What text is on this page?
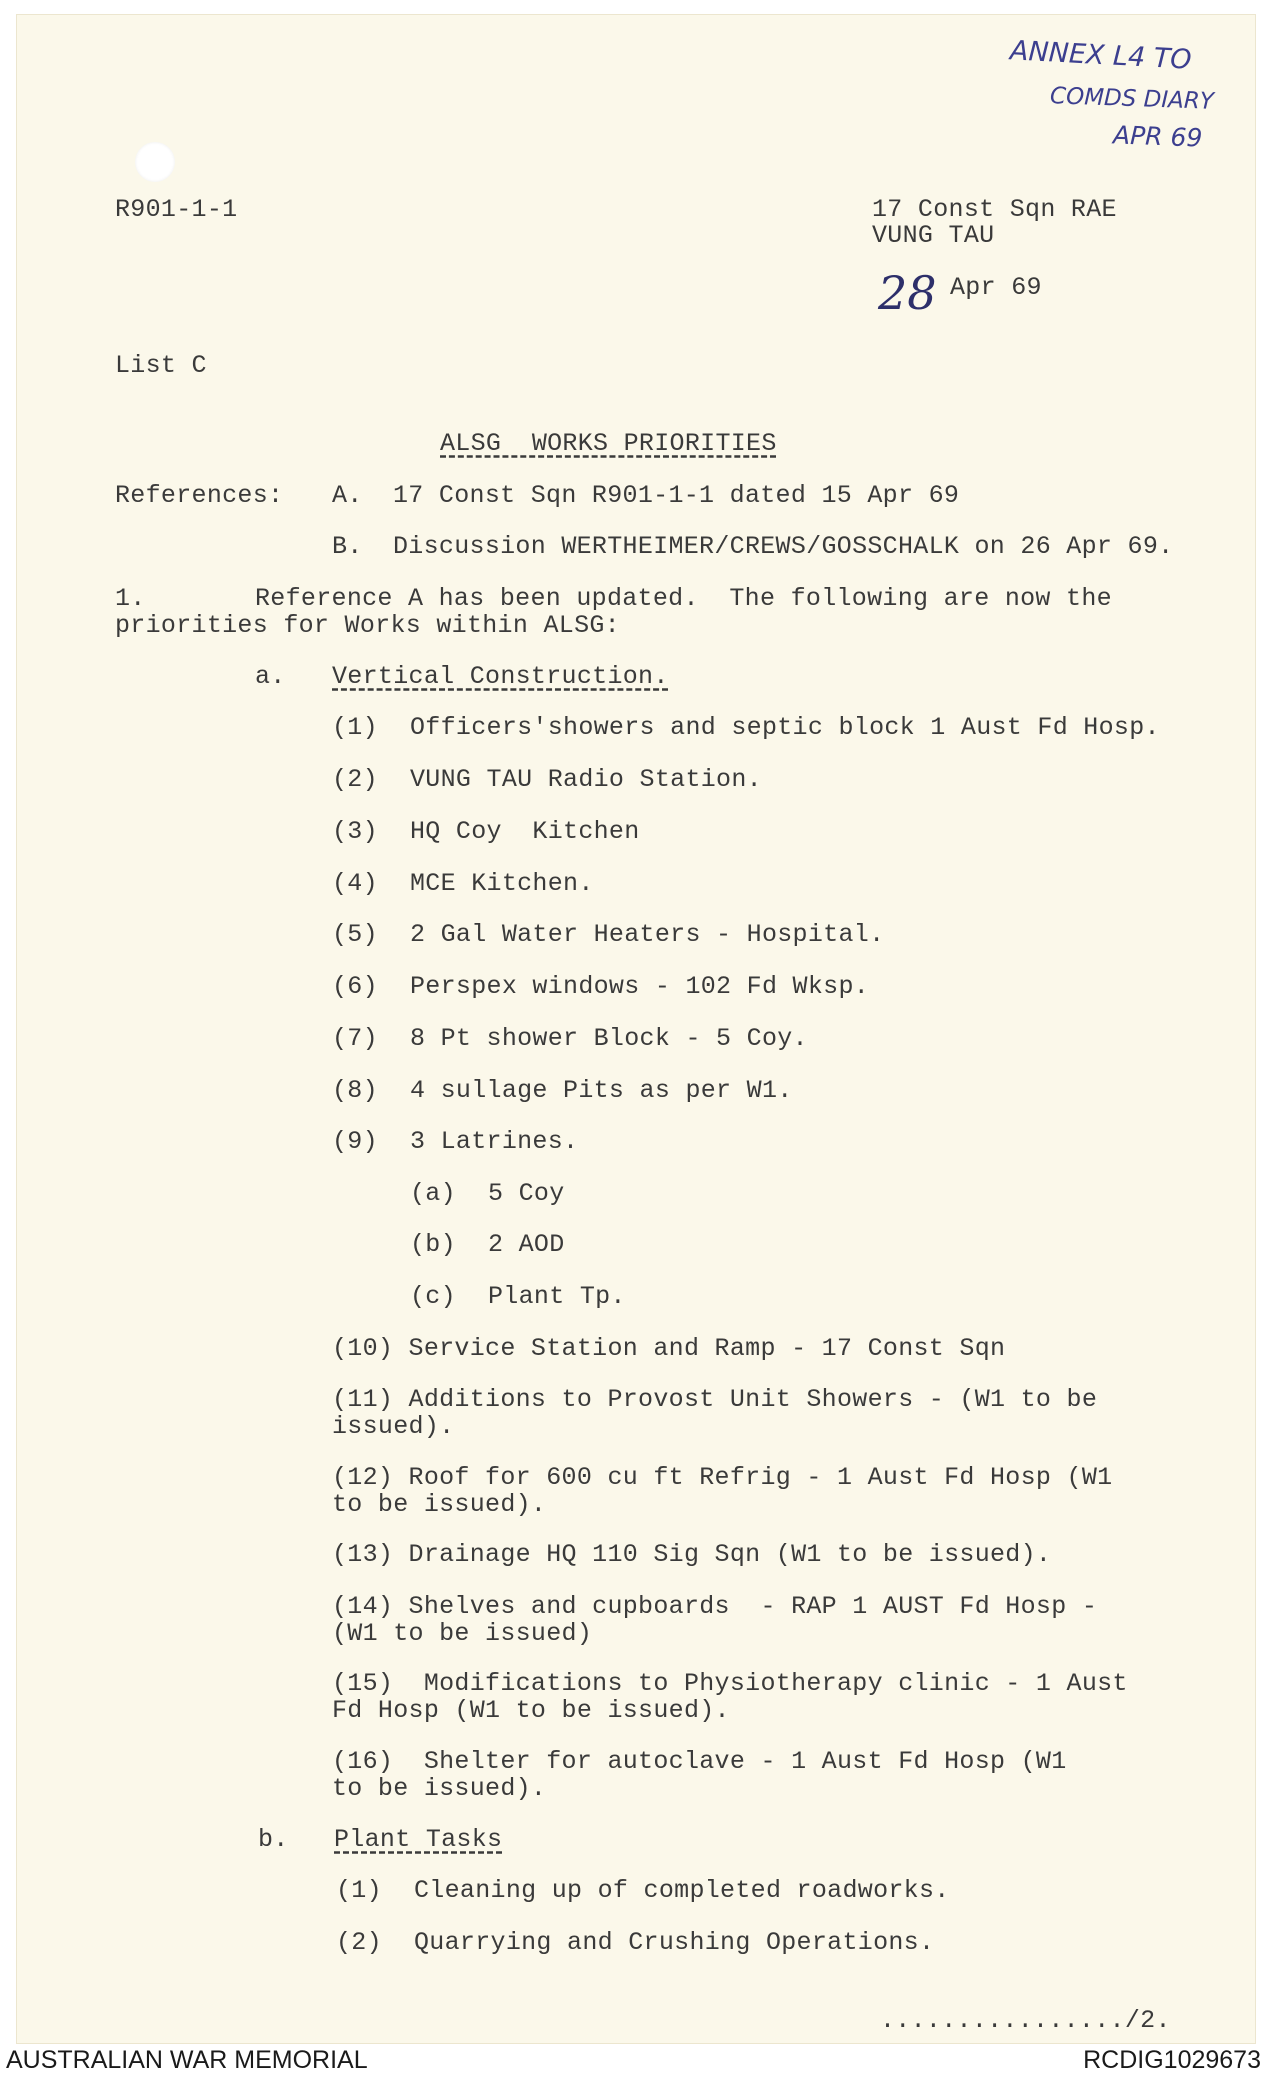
ANNEX L4 TO
COMDS DIARY
APR 69
R901-1-1	17 Const Sqn RAE
VUNG TAU
28 Apr 69
List C
ALSG  WORKS PRIORITIES
References: A. 17 Const Sqn R901-1-1 dated 15 Apr 69
B. Discussion WERTHEIMER/CREWS/GOSSCHALK on 26 Apr 69.
1.	Reference A has been updated.  The following are now the
priorities for Works within ALSG:
a. Vertical Construction.
(1) Officers'showers and septic block 1 Aust Fd Hosp.
(2) VUNG TAU Radio Station.
(3) HQ Coy  Kitchen
(4) MCE Kitchen.
(5) 2 Gal Water Heaters - Hospital.
(6) Perspex windows - 102 Fd Wksp.
(7) 8 Pt shower Block - 5 Coy.
(8) 4 sullage Pits as per W1.
(9) 3 Latrines.
(a) 5 Coy
(b) 2 AOD
(c) Plant Tp.
(10) Service Station and Ramp - 17 Const Sqn
(11) Additions to Provost Unit Showers - (W1 to be
issued).
(12) Roof for 600 cu ft Refrig - 1 Aust Fd Hosp (W1
to be issued).
(13) Drainage HQ 110 Sig Sqn (W1 to be issued).
(14) Shelves and cupboards  - RAP 1 AUST Fd Hosp -
(W1 to be issued)
(15)  Modifications to Physiotherapy clinic - 1 Aust
Fd Hosp (W1 to be issued).
(16)  Shelter for autoclave - 1 Aust Fd Hosp (W1
to be issued).
b. Plant Tasks
(1) Cleaning up of completed roadworks.
(2) Quarrying and Crushing Operations.
................/2.
AUSTRALIAN WAR MEMORIAL	RCDIG1029673
